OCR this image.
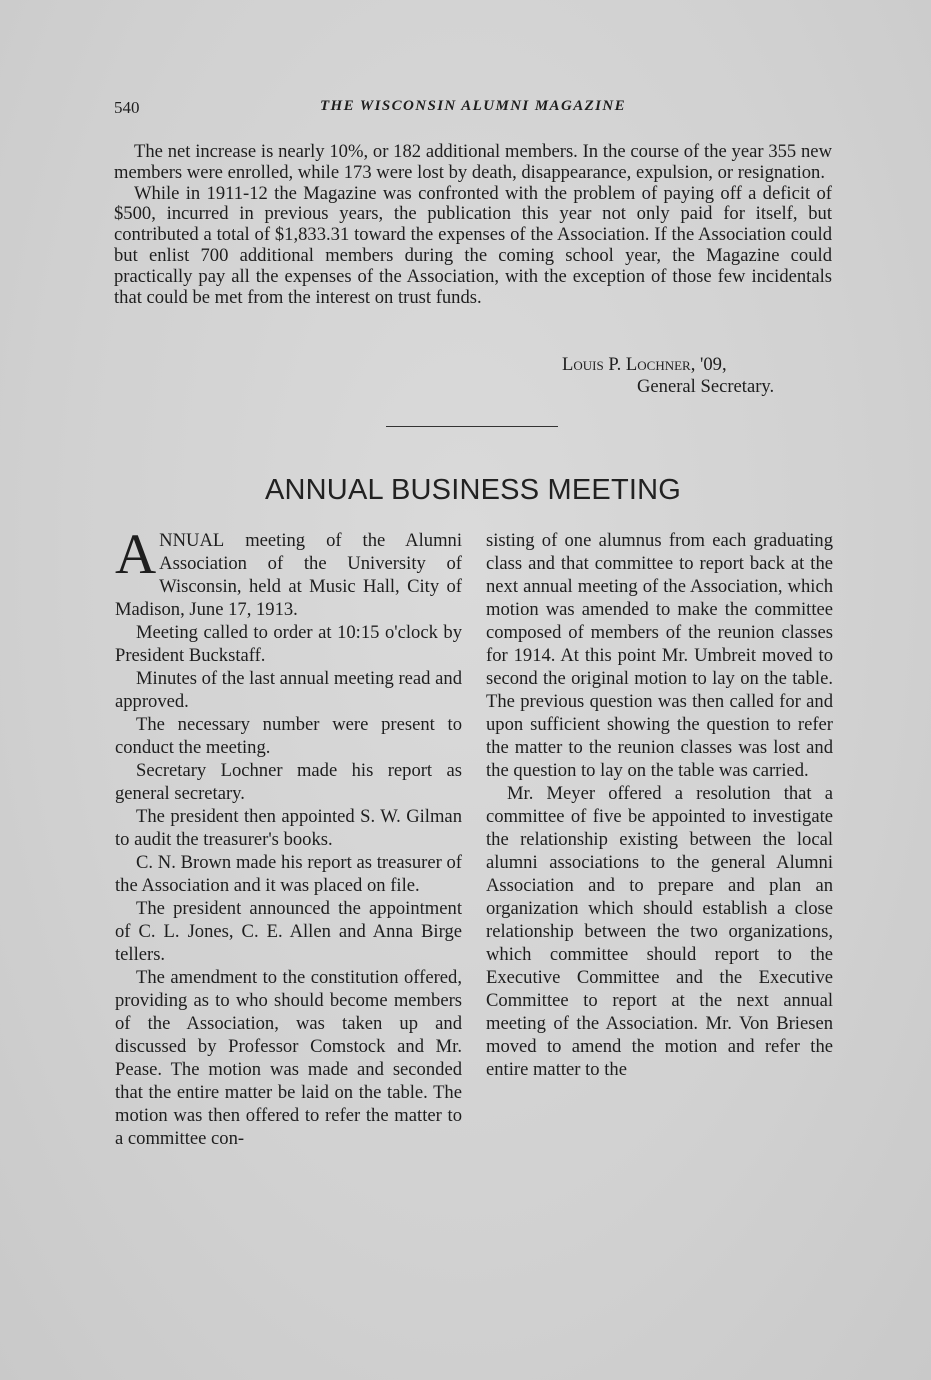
540	THE WISCONSIN ALUMNI MAGAZINE

The net increase is nearly 10%, or 182 additional members. In the course of the year 355 new members were enrolled, while 173 were lost by death, disappearance, expulsion, or resignation.

While in 1911-12 the Magazine was confronted with the problem of paying off a deficit of $500, incurred in previous years, the publication this year not only paid for itself, but contributed a total of $1,833.31 toward the expenses of the Association. If the Association could but enlist 700 additional members during the coming school year, the Magazine could practically pay all the expenses of the Association, with the exception of those few incidentals that could be met from the interest on trust funds.

Louis P. Lochner, '09,
General Secretary.
ANNUAL BUSINESS MEETING

ANNUAL meeting of the Alumni Association of the University of Wisconsin, held at Music Hall, City of Madison, June 17, 1913.

Meeting called to order at 10:15 o'clock by President Buckstaff.

Minutes of the last annual meeting read and approved.

The necessary number were present to conduct the meeting.

Secretary Lochner made his report as general secretary.

The president then appointed S. W. Gilman to audit the treasurer's books.

C. N. Brown made his report as treasurer of the Association and it was placed on file.

The president announced the appointment of C. L. Jones, C. E. Allen and Anna Birge tellers.

The amendment to the constitution offered, providing as to who should become members of the Association, was taken up and discussed by Professor Comstock and Mr. Pease. The motion was made and seconded that the entire matter be laid on the table. The motion was then offered to refer the matter to a committee con-

sisting of one alumnus from each graduating class and that committee to report back at the next annual meeting of the Association, which motion was amended to make the committee composed of members of the reunion classes for 1914. At this point Mr. Umbreit moved to second the original motion to lay on the table. The previous question was then called for and upon sufficient showing the question to refer the matter to the reunion classes was lost and the question to lay on the table was carried.

Mr. Meyer offered a resolution that a committee of five be appointed to investigate the relationship existing between the local alumni associations to the general Alumni Association and to prepare and plan an organization which should establish a close relationship between the two organizations, which committee should report to the Executive Committee and the Executive Committee to report at the next annual meeting of the Association. Mr. Von Briesen moved to amend the motion and refer the entire matter to the
